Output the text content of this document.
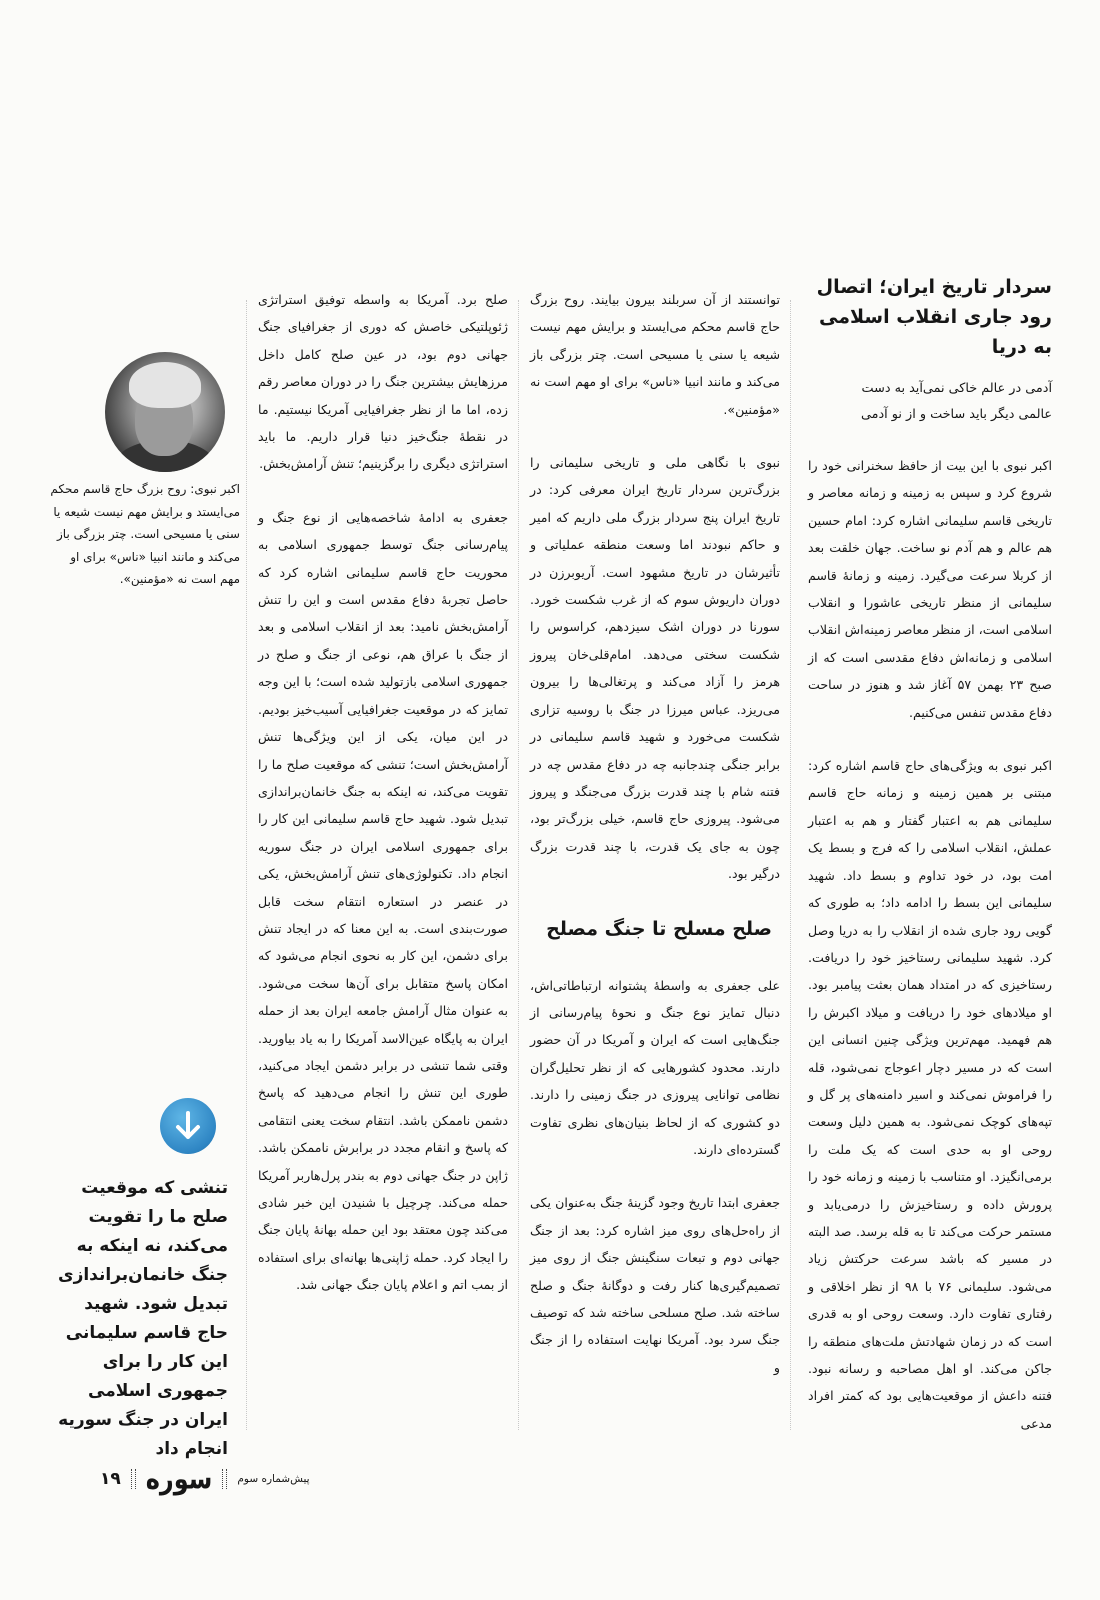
سردار تاریخ ایران؛ اتصال رود جاری انقلاب اسلامی به دریا
آدمی در عالم خاکی نمی‌آید به دست
عالمی دیگر باید ساخت و از نو آدمی

اکبر نبوی با این بیت از حافظ سخنرانی خود را شروع کرد و سپس به زمینه و زمانه معاصر و تاریخی قاسم سلیمانی اشاره کرد: امام حسین هم عالم و هم آدم نو ساخت. جهان خلقت بعد از کربلا سرعت می‌گیرد. زمینه و زمانهٔ قاسم سلیمانی از منظر تاریخی عاشورا و انقلاب اسلامی است، از منظر معاصر زمینه‌اش انقلاب اسلامی و زمانه‌اش دفاع مقدسی است که از صبح ۲۳ بهمن ۵۷ آغاز شد و هنوز در ساحت دفاع مقدس تنفس می‌کنیم.

اکبر نبوی به ویژگی‌های حاج قاسم اشاره کرد: مبتنی بر همین زمینه و زمانه حاج قاسم سلیمانی هم به اعتبار گفتار و هم به اعتبار عملش، انقلاب اسلامی را که فرج و بسط یک امت بود، در خود تداوم و بسط داد. شهید سلیمانی این بسط را ادامه داد؛ به طوری که گویی رود جاری شده از انقلاب را به دریا وصل کرد. شهید سلیمانی رستاخیز خود را دریافت. رستاخیزی که در امتداد همان بعثت پیامبر بود. او میلادهای خود را دریافت و میلاد اکبرش را هم فهمید. مهم‌ترین ویژگی چنین انسانی این است که در مسیر دچار اعوجاج نمی‌شود، قله را فراموش نمی‌کند و اسیر دامنه‌های پر گل و تپه‌های کوچک نمی‌شود. به همین دلیل وسعت روحی او به حدی است که یک ملت را برمی‌انگیزد. او متناسب با زمینه و زمانه خود را پرورش داده و رستاخیزش را درمی‌یابد و مستمر حرکت می‌کند تا به قله برسد. صد البته در مسیر که باشد سرعت حرکتش زیاد می‌شود. سلیمانی ۷۶ با ۹۸ از نظر اخلاقی و رفتاری تفاوت دارد. وسعت روحی او به قدری است که در زمان شهادتش ملت‌های منطقه را جاکن می‌کند. او اهل مصاحبه و رسانه نبود. فتنه داعش از موقعیت‌هایی بود که کمتر افراد مدعی

توانستند از آن سربلند بیرون بیایند. روح بزرگ حاج قاسم محکم می‌ایستد و برایش مهم نیست شیعه یا سنی یا مسیحی است. چتر بزرگی باز می‌کند و مانند انبیا «ناس» برای او مهم است نه «مؤمنین».

نبوی با نگاهی ملی و تاریخی سلیمانی را بزرگ‌ترین سردار تاریخ ایران معرفی کرد: در تاریخ ایران پنج سردار بزرگ ملی داریم که امیر و حاکم نبودند اما وسعت منطقه عملیاتی و تأثیرشان در تاریخ مشهود است. آریو‌برزن در دوران داریوش سوم که از غرب شکست خورد. سورنا در دوران اشک سیزدهم، کراسوس را شکست سختی می‌دهد. امام‌قلی‌خان پیروز هرمز را آزاد می‌کند و پرتغالی‌ها را بیرون می‌ریزد. عباس میرزا در جنگ با روسیه تزاری شکست می‌خورد و شهید قاسم سلیمانی در برابر جنگی چندجانبه چه در دفاع مقدس چه در فتنه شام با چند قدرت بزرگ می‌جنگد و پیروز می‌شود. پیروزی حاج قاسم، خیلی بزرگ‌تر بود، چون به جای یک قدرت، با چند قدرت بزرگ درگیر بود.

صلح مسلح تا جنگ مصلح

علی جعفری به واسطهٔ پشتوانه ارتباطاتی‌اش، دنبال تمایز نوع جنگ و نحوهٔ پیام‌رسانی از جنگ‌هایی است که ایران و آمریکا در آن حضور دارند. محدود کشورهایی که از نظر تحلیل‌گران نظامی توانایی پیروزی در جنگ زمینی را دارند. دو کشوری که از لحاظ بنیان‌های نظری تفاوت گسترده‌ای دارند.

جعفری ابتدا تاریخ وجود گزینهٔ جنگ به‌عنوان یکی از راه‌حل‌های روی میز اشاره کرد: بعد از جنگ جهانی دوم و تبعات سنگینش جنگ از روی میز تصمیم‌گیری‌ها کنار رفت و دوگانهٔ جنگ و صلح ساخته شد. صلح مسلحی ساخته شد که توصیف جنگ سرد بود. آمریکا نهایت استفاده را از جنگ و

صلح برد. آمریکا به واسطه توفیق استراتژی ژئوپلتیکی خاصش که دوری از جغرافیای جنگ جهانی دوم بود، در عین صلح کامل داخل مرزهایش بیشترین جنگ را در دوران معاصر رقم زده، اما ما از نظر جغرافیایی آمریکا نیستیم. ما در نقطهٔ جنگ‌خیز دنیا قرار داریم. ما باید استراتژی دیگری را برگزینیم؛ تنش آرامش‌بخش.

جعفری به ادامهٔ شاخصه‌هایی از نوع جنگ و پیام‌رسانی جنگ توسط جمهوری اسلامی به محوریت حاج قاسم سلیمانی اشاره کرد که حاصل تجربهٔ دفاع مقدس است و این را تنش آرامش‌بخش نامید: بعد از انقلاب اسلامی و بعد از جنگ با عراق هم، نوعی از جنگ و صلح در جمهوری اسلامی بازتولید شده است؛ با این وجه تمایز که در موقعیت جغرافیایی آسیب‌خیز بودیم. در این میان، یکی از این ویژگی‌ها تنش آرامش‌بخش است؛ تنشی که موقعیت صلح ما را تقویت می‌کند، نه اینکه به جنگ خانمان‌براندازی تبدیل شود. شهید حاج قاسم سلیمانی این کار را برای جمهوری اسلامی ایران در جنگ سوریه انجام داد. تکنولوژی‌های تنش آرامش‌بخش، یکی در عنصر در استعاره انتقام سخت قابل صورت‌بندی است. به این معنا که در ایجاد تنش برای دشمن، این کار به نحوی انجام می‌شود که امکان پاسخ متقابل برای آن‌ها سخت می‌شود. به عنوان مثال آرامش جامعه ایران بعد از حمله ایران به پایگاه عین‌الاسد آمریکا را به یاد بیاورید. وقتی شما تنشی در برابر دشمن ایجاد می‌کنید، طوری این تنش را انجام می‌دهید که پاسخ دشمن ناممکن باشد. انتقام سخت یعنی انتقامی که پاسخ و انقام مجدد در برابرش ناممکن باشد. ژاپن در جنگ جهانی دوم به بندر پرل‌هاربر آمریکا حمله می‌کند. چرچیل با شنیدن این خبر شادی می‌کند چون معتقد بود این حمله بهانهٔ پایان جنگ را ایجاد کرد. حمله ژاپنی‌ها بهانه‌ای برای استفاده از بمب اتم و اعلام پایان جنگ جهانی شد.

اکبر نبوی: روح بزرگ حاج قاسم محکم می‌ایستد و برایش مهم نیست شیعه یا سنی یا مسیحی است. چتر بزرگی باز می‌کند و مانند انبیا «ناس» برای او مهم است نه «مؤمنین».
تنشی که موقعیت صلح ما را تقویت می‌کند، نه اینکه به جنگ خانمان‌براندازی تبدیل شود. شهید حاج قاسم سلیمانی این کار را برای جمهوری اسلامی ایران در جنگ سوریه انجام داد
۱۹ سوره پیش‌شماره سوم
